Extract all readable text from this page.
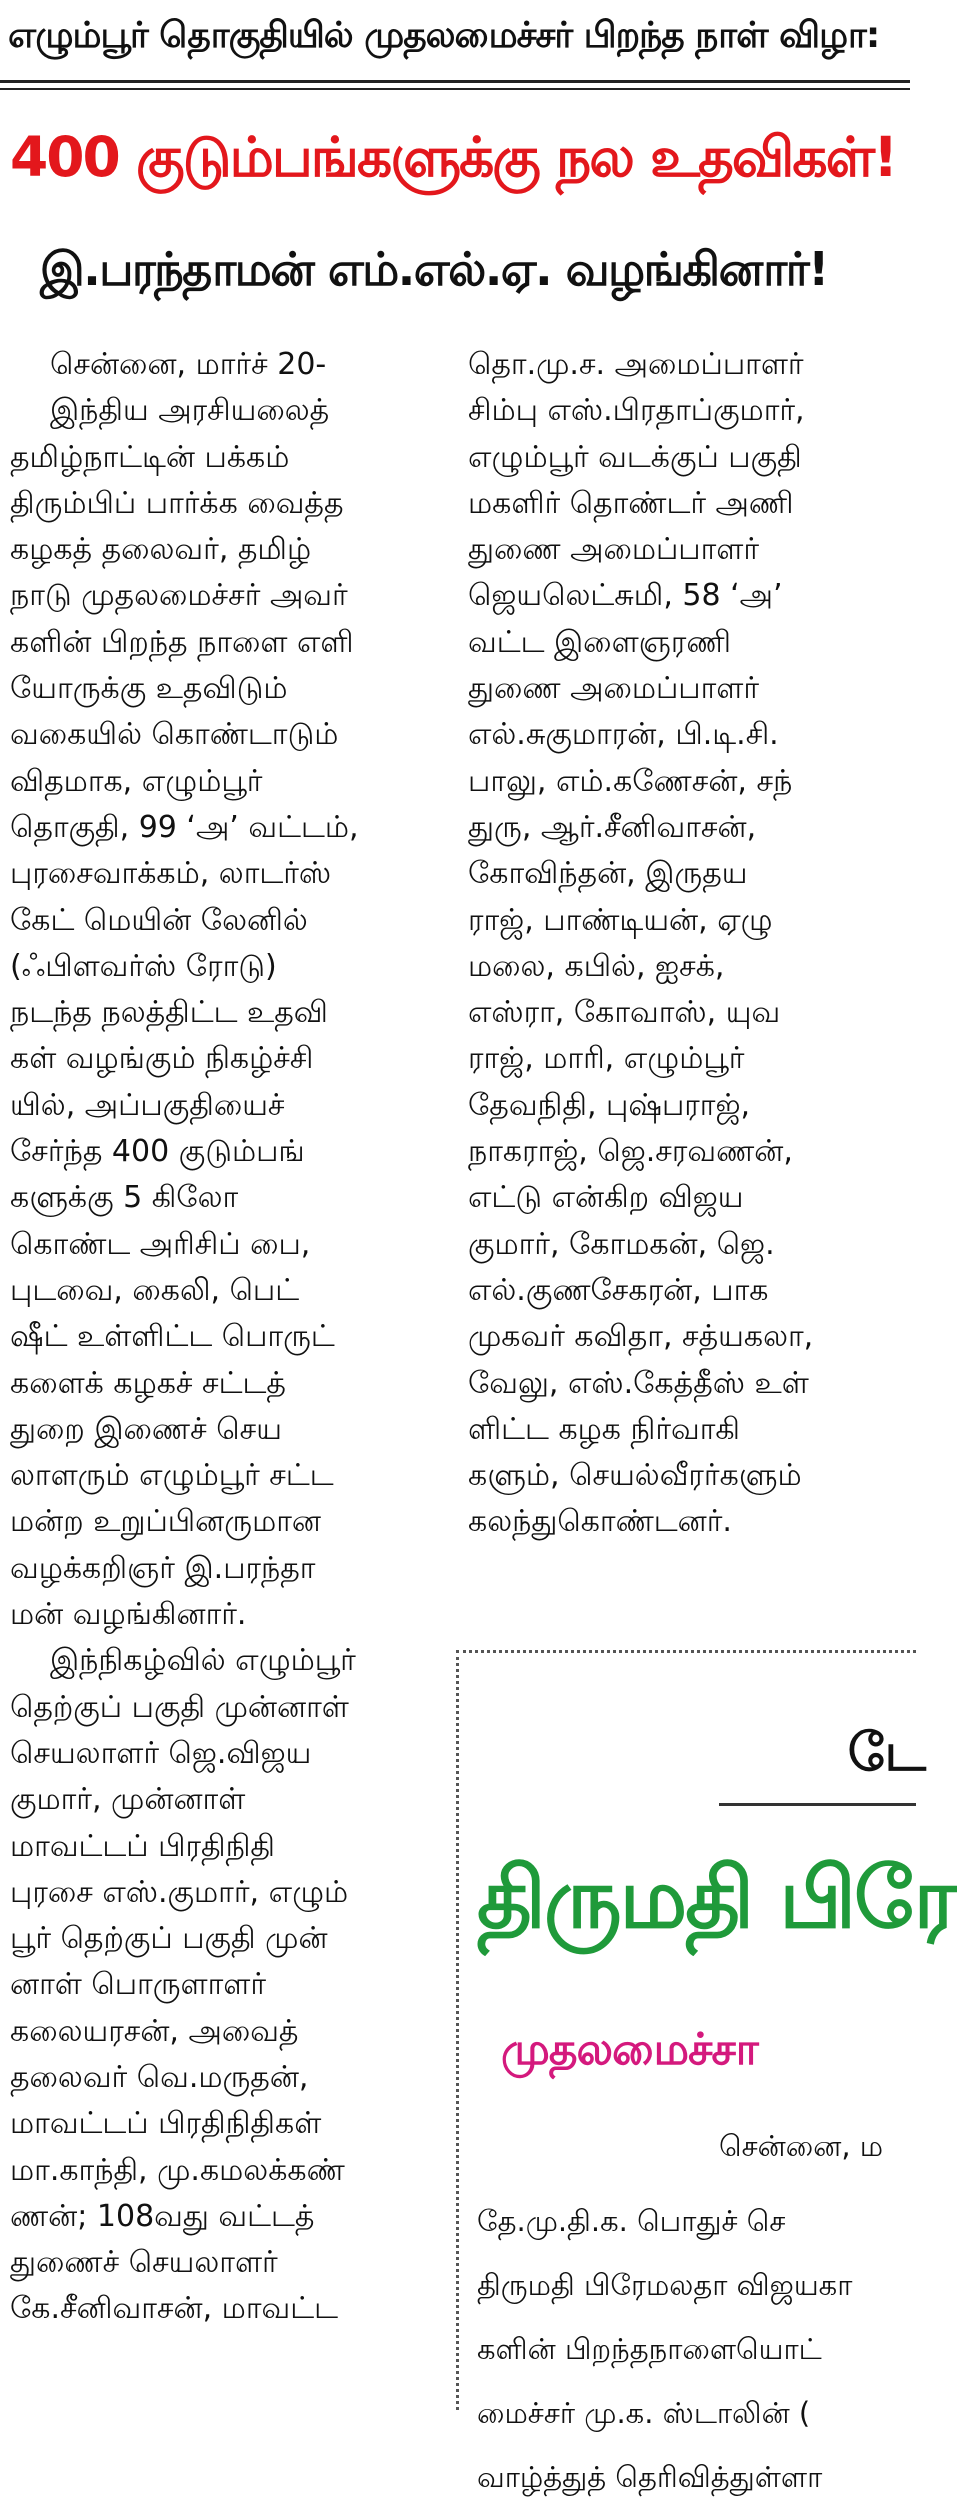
எழும்பூர் தொகுதியில் முதலமைச்சர் பிறந்த நாள் விழா:
400 குடும்பங்களுக்கு நல உதவிகள்!
இ.பரந்தாமன் எம்.எல்.ஏ. வழங்கினார்!
சென்னை, மார்ச் 20-
இந்திய அரசியலைத்
தமிழ்நாட்டின் பக்கம்
திரும்பிப் பார்க்க வைத்த
கழகத் தலைவர், தமிழ்
நாடு முதலமைச்சர் அவர்
களின் பிறந்த நாளை எளி
யோருக்கு உதவிடும்
வகையில் கொண்டாடும்
விதமாக, எழும்பூர்
தொகுதி, 99 ‘அ’ வட்டம்,
புரசைவாக்கம், லாடர்ஸ்
கேட் மெயின் லேனில்
(ஃபிளவர்ஸ் ரோடு)
நடந்த நலத்திட்ட உதவி
கள் வழங்கும் நிகழ்ச்சி
யில், அப்பகுதியைச்
சேர்ந்த 400 குடும்பங்
களுக்கு 5 கிலோ
கொண்ட அரிசிப் பை,
புடவை, கைலி, பெட்
ஷீட் உள்ளிட்ட பொருட்
களைக் கழகச் சட்டத்
துறை இணைச் செய
லாளரும் எழும்பூர் சட்ட
மன்ற உறுப்பினருமான
வழக்கறிஞர் இ.பரந்தா
மன் வழங்கினார்.
இந்நிகழ்வில் எழும்பூர்
தெற்குப் பகுதி முன்னாள்
செயலாளர் ஜெ.விஜய
குமார், முன்னாள்
மாவட்டப் பிரதிநிதி
புரசை எஸ்.குமார், எழும்
பூர் தெற்குப் பகுதி முன்
னாள் பொருளாளர்
கலையரசன், அவைத்
தலைவர் வெ.மருதன்,
மாவட்டப் பிரதிநிதிகள்
மா.காந்தி, மு.கமலக்கண்
ணன்; 108வது வட்டத்
துணைச் செயலாளர்
கே.சீனிவாசன், மாவட்ட
தொ.மு.ச. அமைப்பாளர்
சிம்பு எஸ்.பிரதாப்குமார்,
எழும்பூர் வடக்குப் பகுதி
மகளிர் தொண்டர் அணி
துணை அமைப்பாளர்
ஜெயலெட்சுமி, 58 ‘அ’
வட்ட இளைஞரணி
துணை அமைப்பாளர்
எல்.சுகுமாரன், பி.டி.சி.
பாலு, எம்.கணேசன், சந்
துரு, ஆர்.சீனிவாசன்,
கோவிந்தன், இருதய
ராஜ், பாண்டியன், ஏழு
மலை, கபில், ஐசக்,
எஸ்ரா, கோவாஸ், யுவ
ராஜ், மாரி, எழும்பூர்
தேவநிதி, புஷ்பராஜ்,
நாகராஜ், ஜெ.சரவணன்,
எட்டு என்கிற விஜய
குமார், கோமகன், ஜெ.
எல்.குணசேகரன், பாக
முகவர் கவிதா, சத்யகலா,
வேலு, எஸ்.கேத்தீஸ் உள்
ளிட்ட கழக நிர்வாகி
களும், செயல்வீரர்களும்
கலந்துகொண்டனர்.
டே
திருமதி பிரே
முதலமைச்சா
சென்னை, ம
தே.மு.தி.க. பொதுச் செ
திருமதி பிரேமலதா விஜயகா
களின் பிறந்தநாளையொட்
மைச்சர் மு.க. ஸ்டாலின் (
வாழ்த்துத் தெரிவித்துள்ளா
